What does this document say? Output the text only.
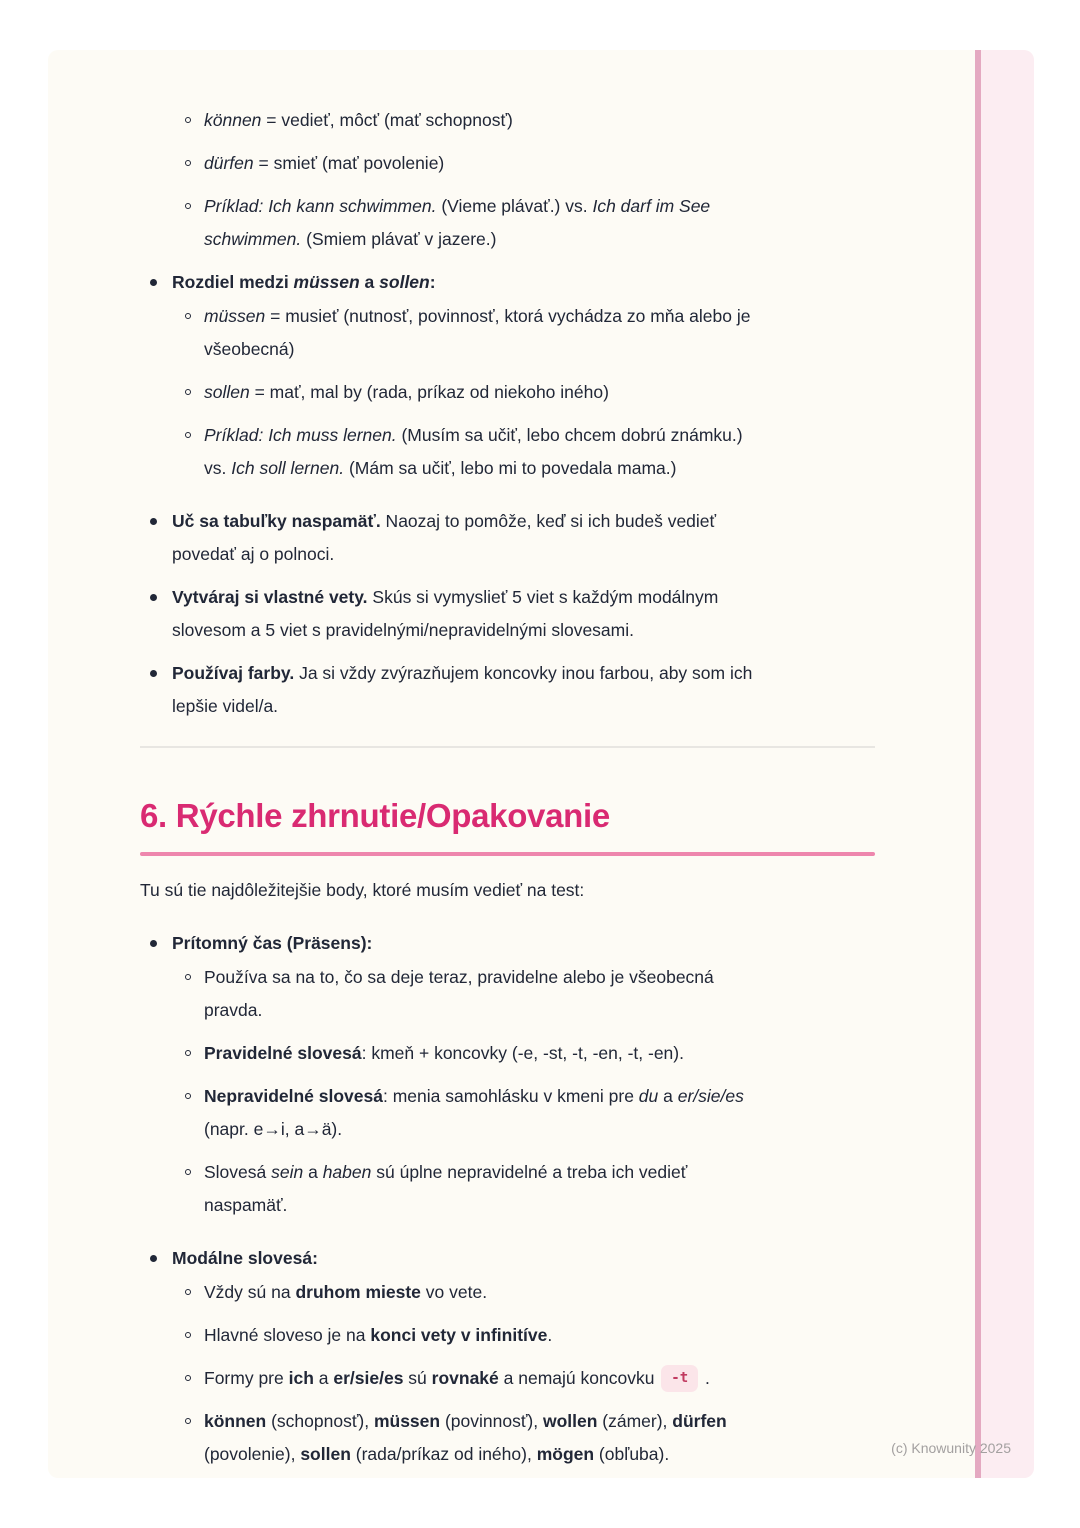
können = vedieť, môcť (mať schopnosť)
dürfen = smieť (mať povolenie)
Príklad: Ich kann schwimmen. (Vieme plávať.) vs. Ich darf im See
schwimmen. (Smiem plávať v jazere.)
Rozdiel medzi müssen a sollen:
müssen = musieť (nutnosť, povinnosť, ktorá vychádza zo mňa alebo je
všeobecná)
sollen = mať, mal by (rada, príkaz od niekoho iného)
Príklad: Ich muss lernen. (Musím sa učiť, lebo chcem dobrú známku.)
vs. Ich soll lernen. (Mám sa učiť, lebo mi to povedala mama.)
Uč sa tabuľky naspamäť. Naozaj to pomôže, keď si ich budeš vedieť
povedať aj o polnoci.
Vytváraj si vlastné vety. Skús si vymyslieť 5 viet s každým modálnym
slovesom a 5 viet s pravidelnými/nepravidelnými slovesami.
Používaj farby. Ja si vždy zvýrazňujem koncovky inou farbou, aby som ich
lepšie videl/a.
6. Rýchle zhrnutie/Opakovanie

Tu sú tie najdôležitejšie body, ktoré musím vedieť na test:

Prítomný čas (Präsens):
Používa sa na to, čo sa deje teraz, pravidelne alebo je všeobecná
pravda.
Pravidelné slovesá: kmeň + koncovky (-e, -st, -t, -en, -t, -en).
Nepravidelné slovesá: menia samohlásku v kmeni pre du a er/sie/es
(napr. e→i, a→ä).
Slovesá sein a haben sú úplne nepravidelné a treba ich vedieť
naspamäť.
Modálne slovesá:
Vždy sú na druhom mieste vo vete.
Hlavné sloveso je na konci vety v infinitíve.
Formy pre ich a er/sie/es sú rovnaké a nemajú koncovku -t .
können (schopnosť), müssen (povinnosť), wollen (zámer), dürfen
(povolenie), sollen (rada/príkaz od iného), mögen (obľuba).	(c) Knowunity 2025
